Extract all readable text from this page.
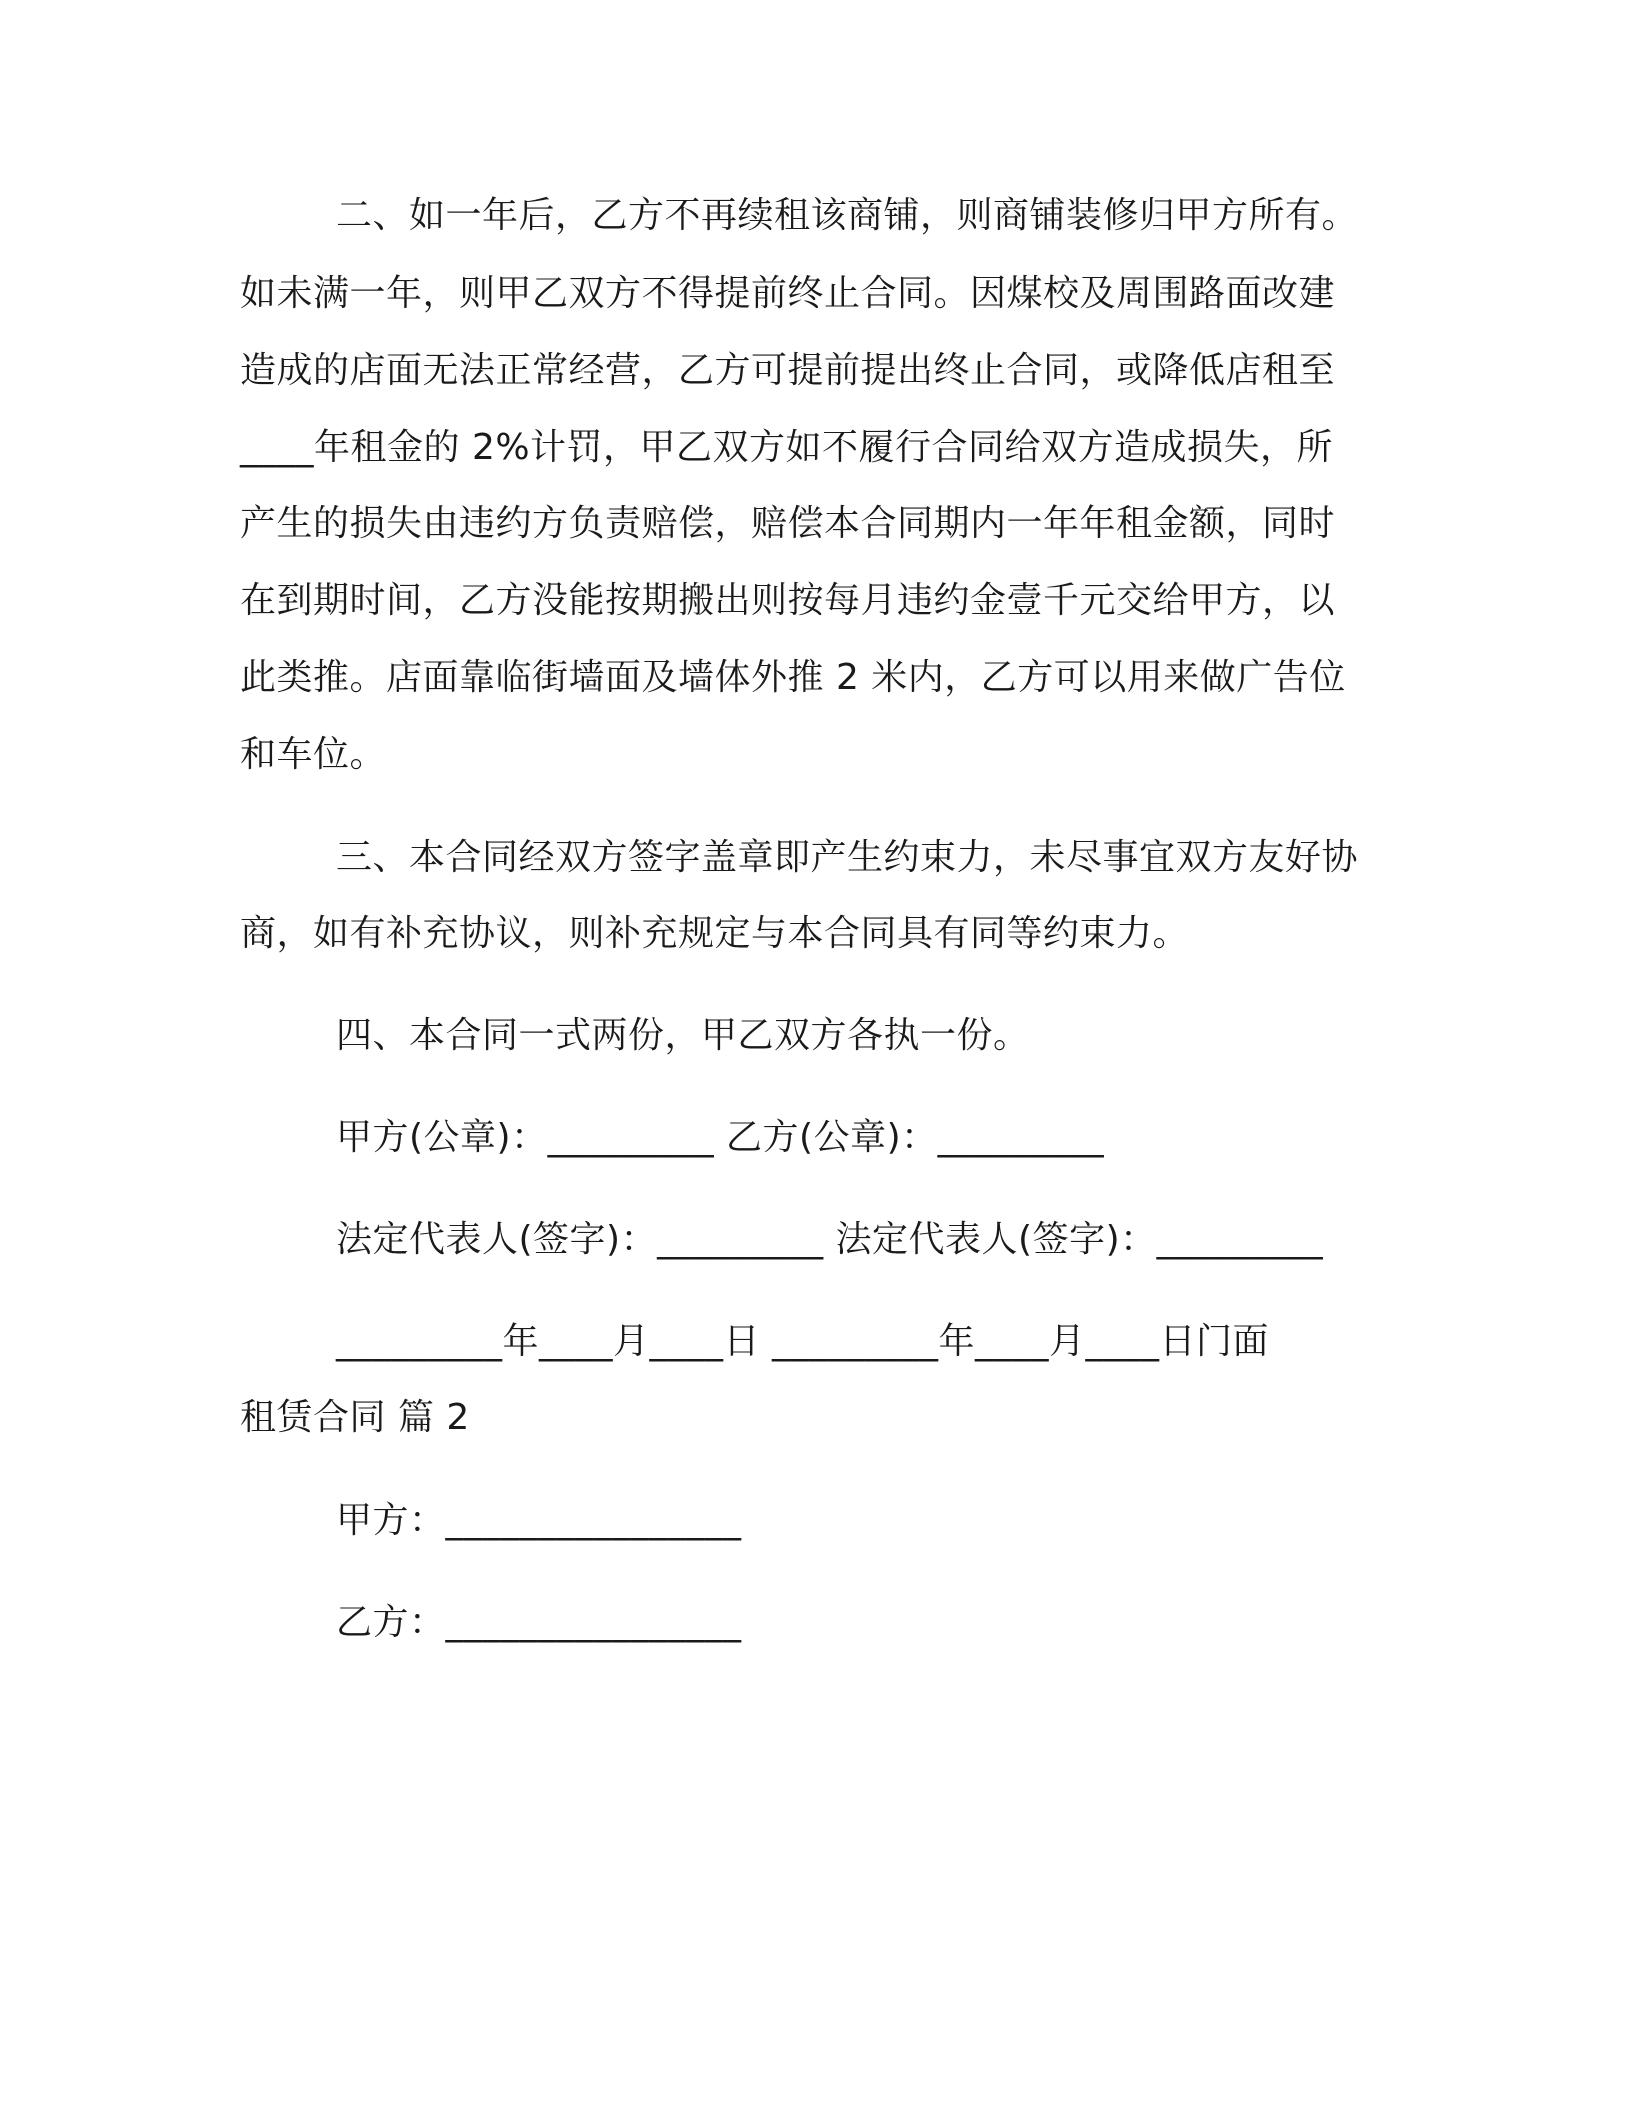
二、如一年后，乙方不再续租该商铺，则商铺装修归甲方所有。
如未满一年，则甲乙双方不得提前终止合同。因煤校及周围路面改建
造成的店面无法正常经营，乙方可提前提出终止合同，或降低店租至
____年租金的 2%计罚，甲乙双方如不履行合同给双方造成损失，所
产生的损失由违约方负责赔偿，赔偿本合同期内一年年租金额，同时
在到期时间，乙方没能按期搬出则按每月违约金壹千元交给甲方，以
此类推。店面靠临街墙面及墙体外推 2 米内，乙方可以用来做广告位
和车位。
三、本合同经双方签字盖章即产生约束力，未尽事宜双方友好协
商，如有补充协议，则补充规定与本合同具有同等约束力。
四、本合同一式两份，甲乙双方各执一份。
甲方(公章)：_________ 乙方(公章)：_________
法定代表人(签字)：_________ 法定代表人(签字)：_________
_________年____月____日 _________年____月____日门面
租赁合同 篇 2
甲方：________________
乙方：________________
